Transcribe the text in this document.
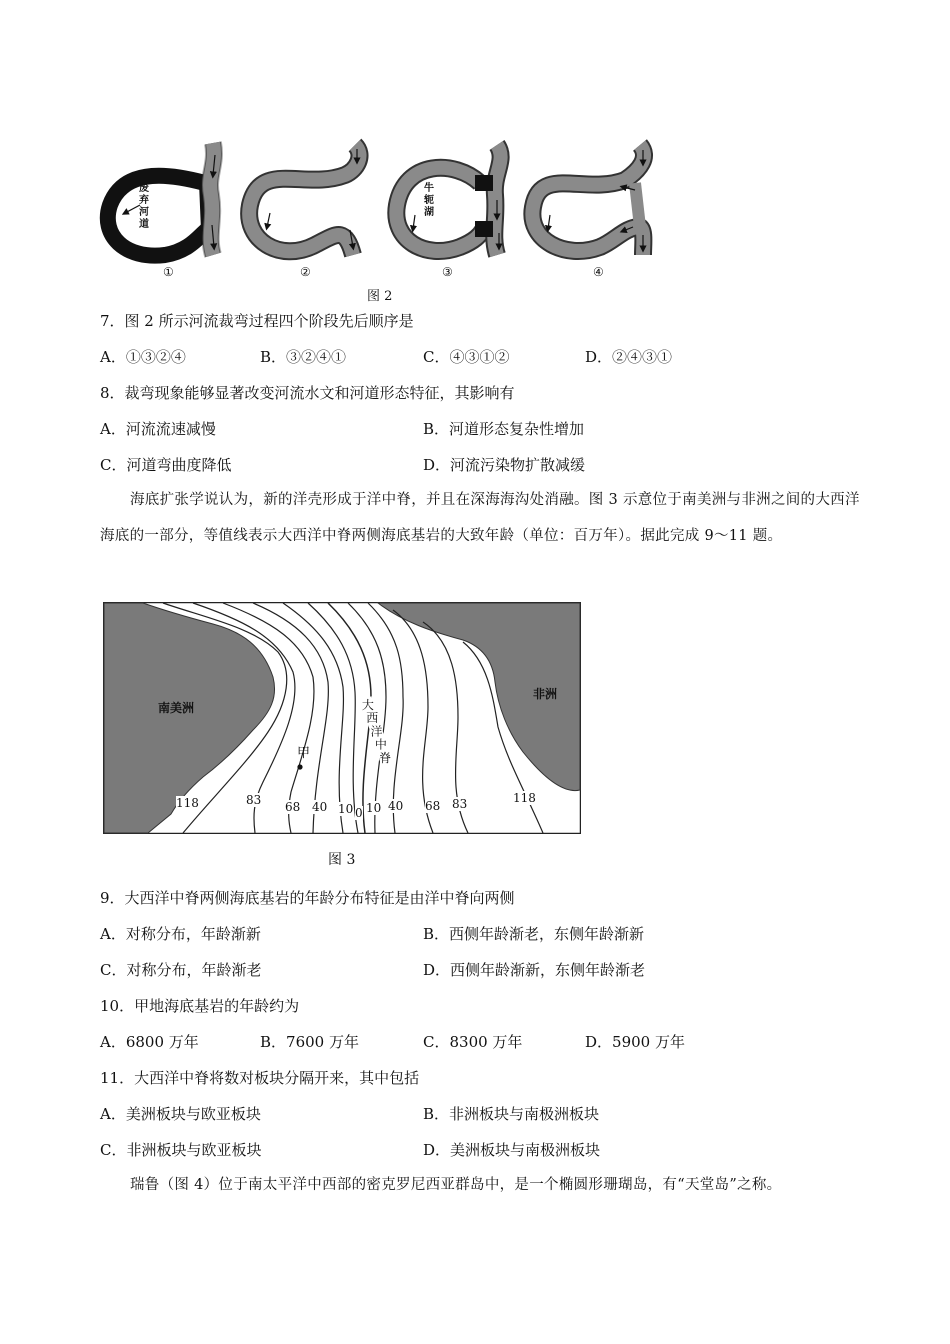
废
弃
河
道
牛
轭
湖
①	②	③	④
图 2
7．图 2 所示河流裁弯过程四个阶段先后顺序是
A．①③②④	B．③②④①	C．④③①②	D．②④③①
8．裁弯现象能够显著改变河流水文和河道形态特征，其影响有
A．河流流速减慢	B．河道形态复杂性增加
C．河道弯曲度降低	D．河流污染物扩散减缓
海底扩张学说认为，新的洋壳形成于洋中脊，并且在深海海沟处消融。图 3 示意位于南美洲与非洲之间的大西洋海底的一部分，等值线表示大西洋中脊两侧海底基岩的大致年龄（单位：百万年）。据此完成 9～11 题。
南美洲
非洲
甲
大
西
洋
中
脊
118	83 68 40 10 0 10 40 68 83	118
图 3
9．大西洋中脊两侧海底基岩的年龄分布特征是由洋中脊向两侧
A．对称分布，年龄渐新	B．西侧年龄渐老，东侧年龄渐新
C．对称分布，年龄渐老	D．西侧年龄渐新，东侧年龄渐老
10．甲地海底基岩的年龄约为
A．6800 万年	B．7600 万年	C．8300 万年	D．5900 万年
11．大西洋中脊将数对板块分隔开来，其中包括
A．美洲板块与欧亚板块	B．非洲板块与南极洲板块
C．非洲板块与欧亚板块	D．美洲板块与南极洲板块
瑞鲁（图 4）位于南太平洋中西部的密克罗尼西亚群岛中，是一个椭圆形珊瑚岛，有“天堂岛”之称。
